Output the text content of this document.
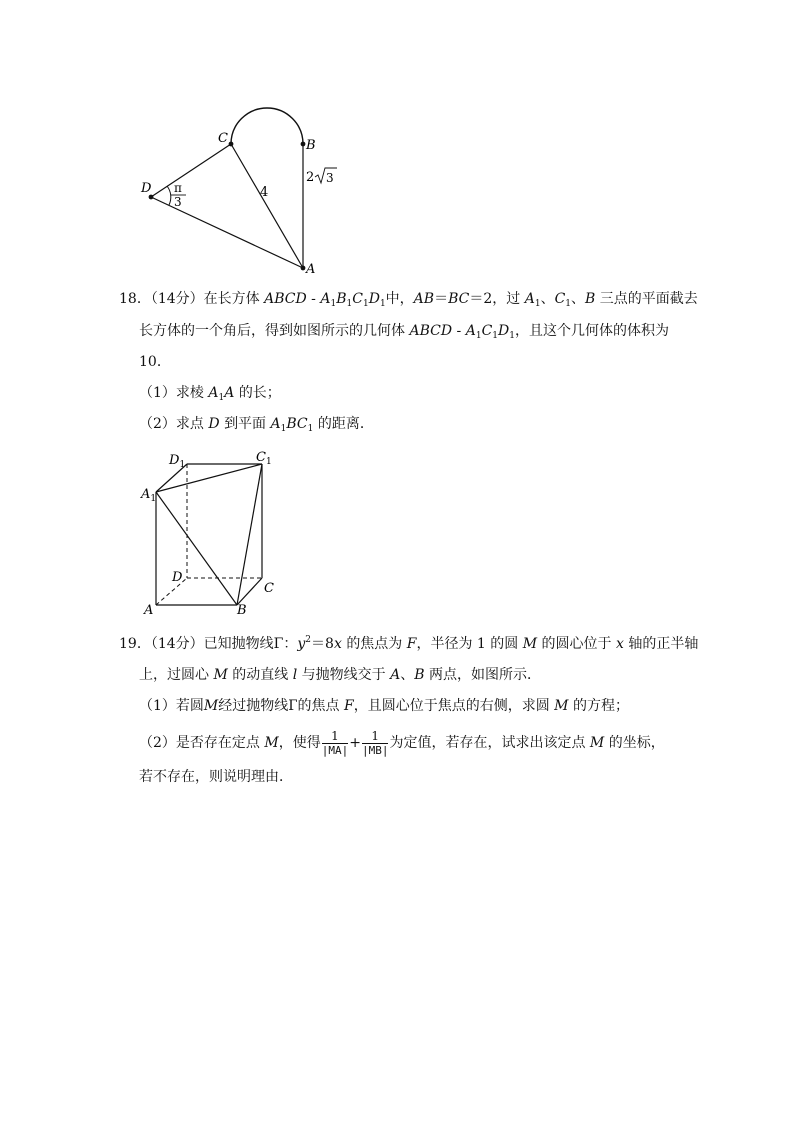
C	B
D
A
4
2 3
π
3
18．（14分）在长方体 ABCD - $A_1B_1C_1D_1$中，AB＝BC＝2，过 $A_1$、$C_1$、B 三点的平面截去
长方体的一个角后，得到如图所示的几何体 ABCD - $A_1C_1D_1$，且这个几何体的体积为
10．
（1）求棱 $A_1A$ 的长；
（2）求点 D 到平面 $A_1BC_1$ 的距离．
$D_1$	$C_1$
$A_1$
D
C
A	B
19．（14分）已知抛物线Γ：$y^2=8x$ 的焦点为 F，半径为 1 的圆 M 的圆心位于 x 轴的正半轴
上，过圆心 M 的动直线 l 与抛物线交于 A、B 两点，如图所示．
（1）若圆M经过抛物线Г的焦点 F，且圆心位于焦点的右侧，求圆 M 的方程；
（2）是否存在定点 M，使得 $\frac{1}{|MA|} + \frac{1}{|MB|}$ 为定值，若存在，试求出该定点 M 的坐标，
若不存在，则说明理由．
